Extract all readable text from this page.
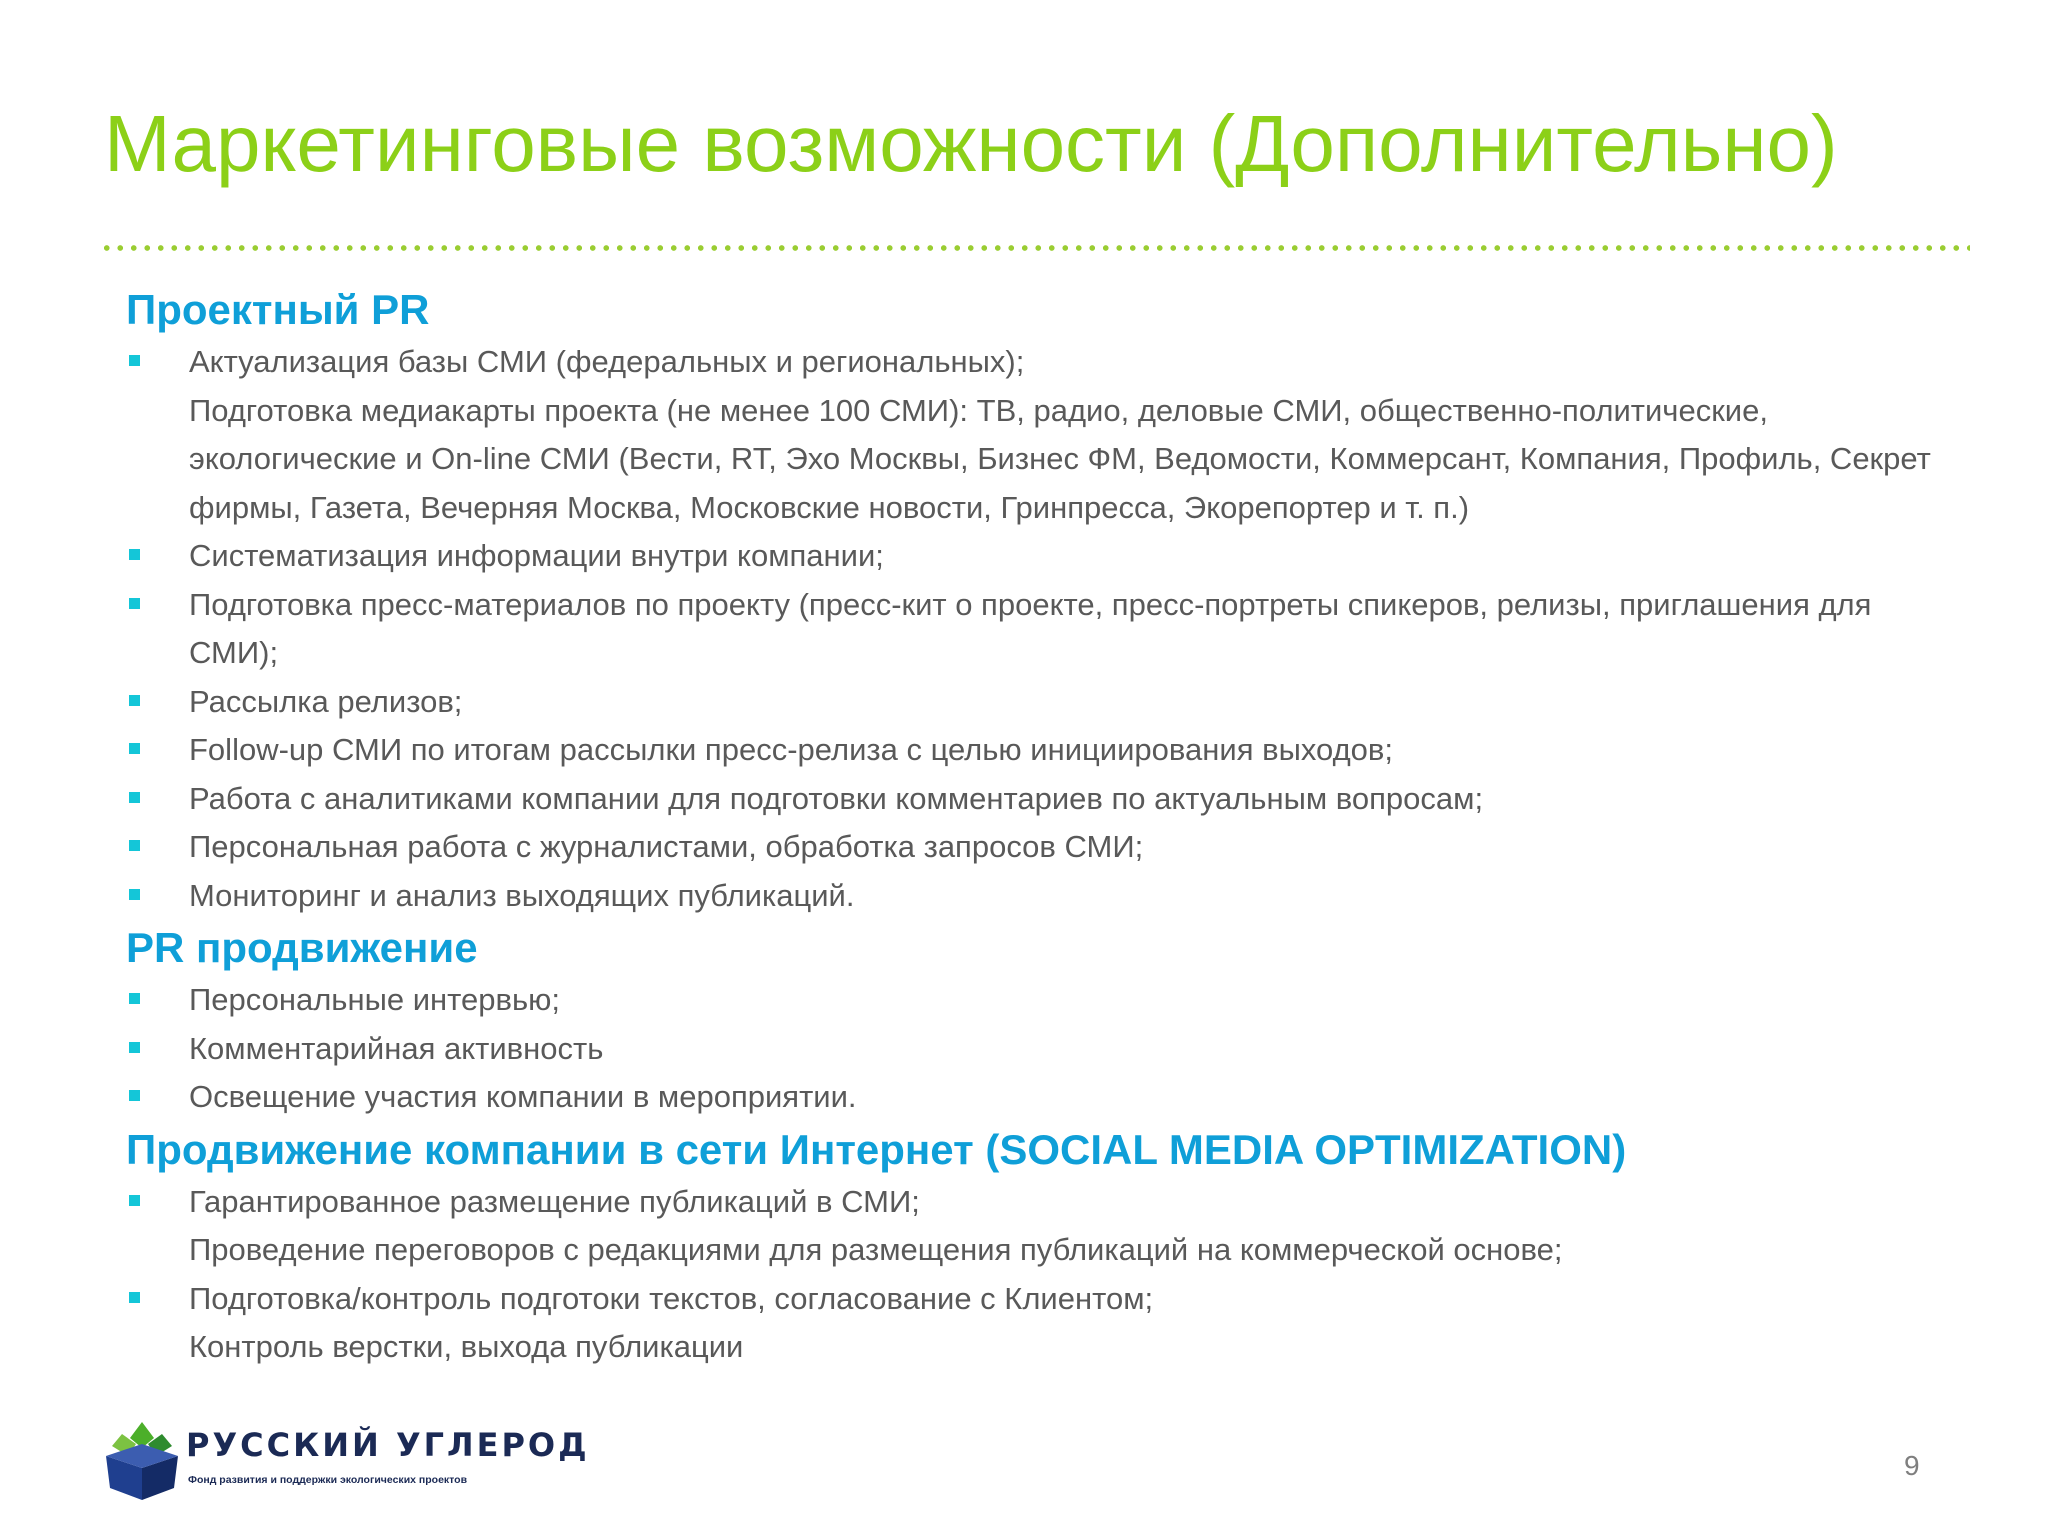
Маркетинговые возможности (Дополнительно)
Проектный PR
Актуализация базы СМИ (федеральных и региональных);
Подготовка медиакарты проекта (не менее 100 СМИ): ТВ, радио, деловые СМИ, общественно-политические, экологические и On-line СМИ (Вести, RT, Эхо Москвы, Бизнес ФМ, Ведомости, Коммерсант, Компания, Профиль, Секрет фирмы, Газета, Вечерняя Москва, Московские новости, Гринпресса, Экорепортер и т. п.)
Систематизация информации внутри компании;
Подготовка пресс-материалов по проекту (пресс-кит о проекте, пресс-портреты спикеров, релизы, приглашения для СМИ);
Рассылка релизов;
Follow-up СМИ по итогам рассылки пресс-релиза с целью инициирования выходов;
Работа с аналитиками компании для подготовки комментариев по актуальным вопросам;
Персональная работа с журналистами, обработка запросов СМИ;
Мониторинг и анализ выходящих публикаций.
PR продвижение
Персональные интервью;
Комментарийная активность
Освещение участия компании в мероприятии.
Продвижение компании в сети Интернет (SOCIAL MEDIA OPTIMIZATION)
Гарантированное размещение публикаций в СМИ;
Проведение переговоров с редакциями для размещения публикаций на коммерческой основе;
Подготовка/контроль подготоки текстов, согласование с Клиентом;
Контроль верстки, выхода публикации
РУССКИЙ УГЛЕРОД
Фонд развития и поддержки экологических проектов	9
